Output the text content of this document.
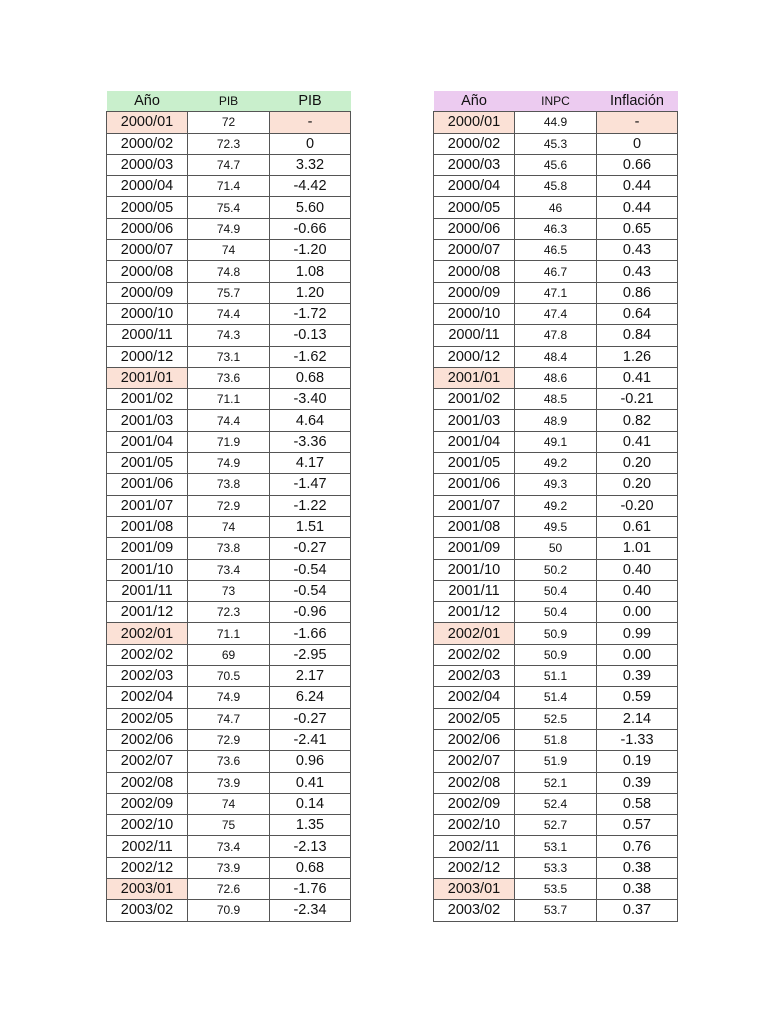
Año	PIB	PIB
2000/01	72	-
2000/02	72.3	0
2000/03	74.7	3.32
2000/04	71.4	-4.42
2000/05	75.4	5.60
2000/06	74.9	-0.66
2000/07	74	-1.20
2000/08	74.8	1.08
2000/09	75.7	1.20
2000/10	74.4	-1.72
2000/11	74.3	-0.13
2000/12	73.1	-1.62
2001/01	73.6	0.68
2001/02	71.1	-3.40
2001/03	74.4	4.64
2001/04	71.9	-3.36
2001/05	74.9	4.17
2001/06	73.8	-1.47
2001/07	72.9	-1.22
2001/08	74	1.51
2001/09	73.8	-0.27
2001/10	73.4	-0.54
2001/11	73	-0.54
2001/12	72.3	-0.96
2002/01	71.1	-1.66
2002/02	69	-2.95
2002/03	70.5	2.17
2002/04	74.9	6.24
2002/05	74.7	-0.27
2002/06	72.9	-2.41
2002/07	73.6	0.96
2002/08	73.9	0.41
2002/09	74	0.14
2002/10	75	1.35
2002/11	73.4	-2.13
2002/12	73.9	0.68
2003/01	72.6	-1.76
2003/02	70.9	-2.34
Año	INPC	Inflación
2000/01	44.9	-
2000/02	45.3	0
2000/03	45.6	0.66
2000/04	45.8	0.44
2000/05	46	0.44
2000/06	46.3	0.65
2000/07	46.5	0.43
2000/08	46.7	0.43
2000/09	47.1	0.86
2000/10	47.4	0.64
2000/11	47.8	0.84
2000/12	48.4	1.26
2001/01	48.6	0.41
2001/02	48.5	-0.21
2001/03	48.9	0.82
2001/04	49.1	0.41
2001/05	49.2	0.20
2001/06	49.3	0.20
2001/07	49.2	-0.20
2001/08	49.5	0.61
2001/09	50	1.01
2001/10	50.2	0.40
2001/11	50.4	0.40
2001/12	50.4	0.00
2002/01	50.9	0.99
2002/02	50.9	0.00
2002/03	51.1	0.39
2002/04	51.4	0.59
2002/05	52.5	2.14
2002/06	51.8	-1.33
2002/07	51.9	0.19
2002/08	52.1	0.39
2002/09	52.4	0.58
2002/10	52.7	0.57
2002/11	53.1	0.76
2002/12	53.3	0.38
2003/01	53.5	0.38
2003/02	53.7	0.37
